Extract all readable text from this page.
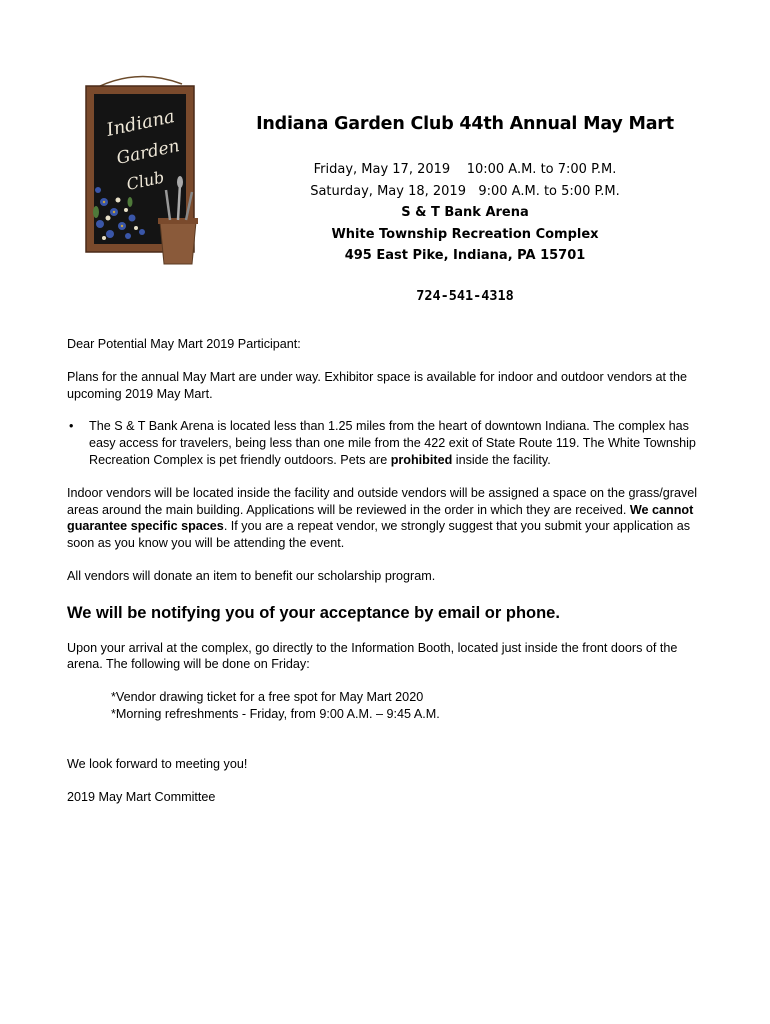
Indiana
Garden
Club

Indiana Garden Club 44th Annual May Mart

Friday, May 17, 2019    10:00 A.M. to 7:00 P.M.

Saturday, May 18, 2019   9:00 A.M. to 5:00 P.M.

S & T Bank Arena

White Township Recreation Complex

495 East Pike, Indiana, PA 15701

724-541-4318

Dear Potential May Mart 2019 Participant:

Plans for the annual May Mart are under way. Exhibitor space is available for indoor and outdoor vendors at the upcoming 2019 May Mart.

• The S & T Bank Arena is located less than 1.25 miles from the heart of downtown Indiana. The complex has easy access for travelers, being less than one mile from the 422 exit of State Route 119. The White Township Recreation Complex is pet friendly outdoors. Pets are prohibited inside the facility.

Indoor vendors will be located inside the facility and outside vendors will be assigned a space on the grass/gravel areas around the main building. Applications will be reviewed in the order in which they are received. We cannot guarantee specific spaces. If you are a repeat vendor, we strongly suggest that you submit your application as soon as you know you will be attending the event.

All vendors will donate an item to benefit our scholarship program.

We will be notifying you of your acceptance by email or phone.

Upon your arrival at the complex, go directly to the Information Booth, located just inside the front doors of the arena. The following will be done on Friday:

*Vendor drawing ticket for a free spot for May Mart 2020

*Morning refreshments - Friday, from 9:00 A.M. – 9:45 A.M.

We look forward to meeting you!

2019 May Mart Committee
